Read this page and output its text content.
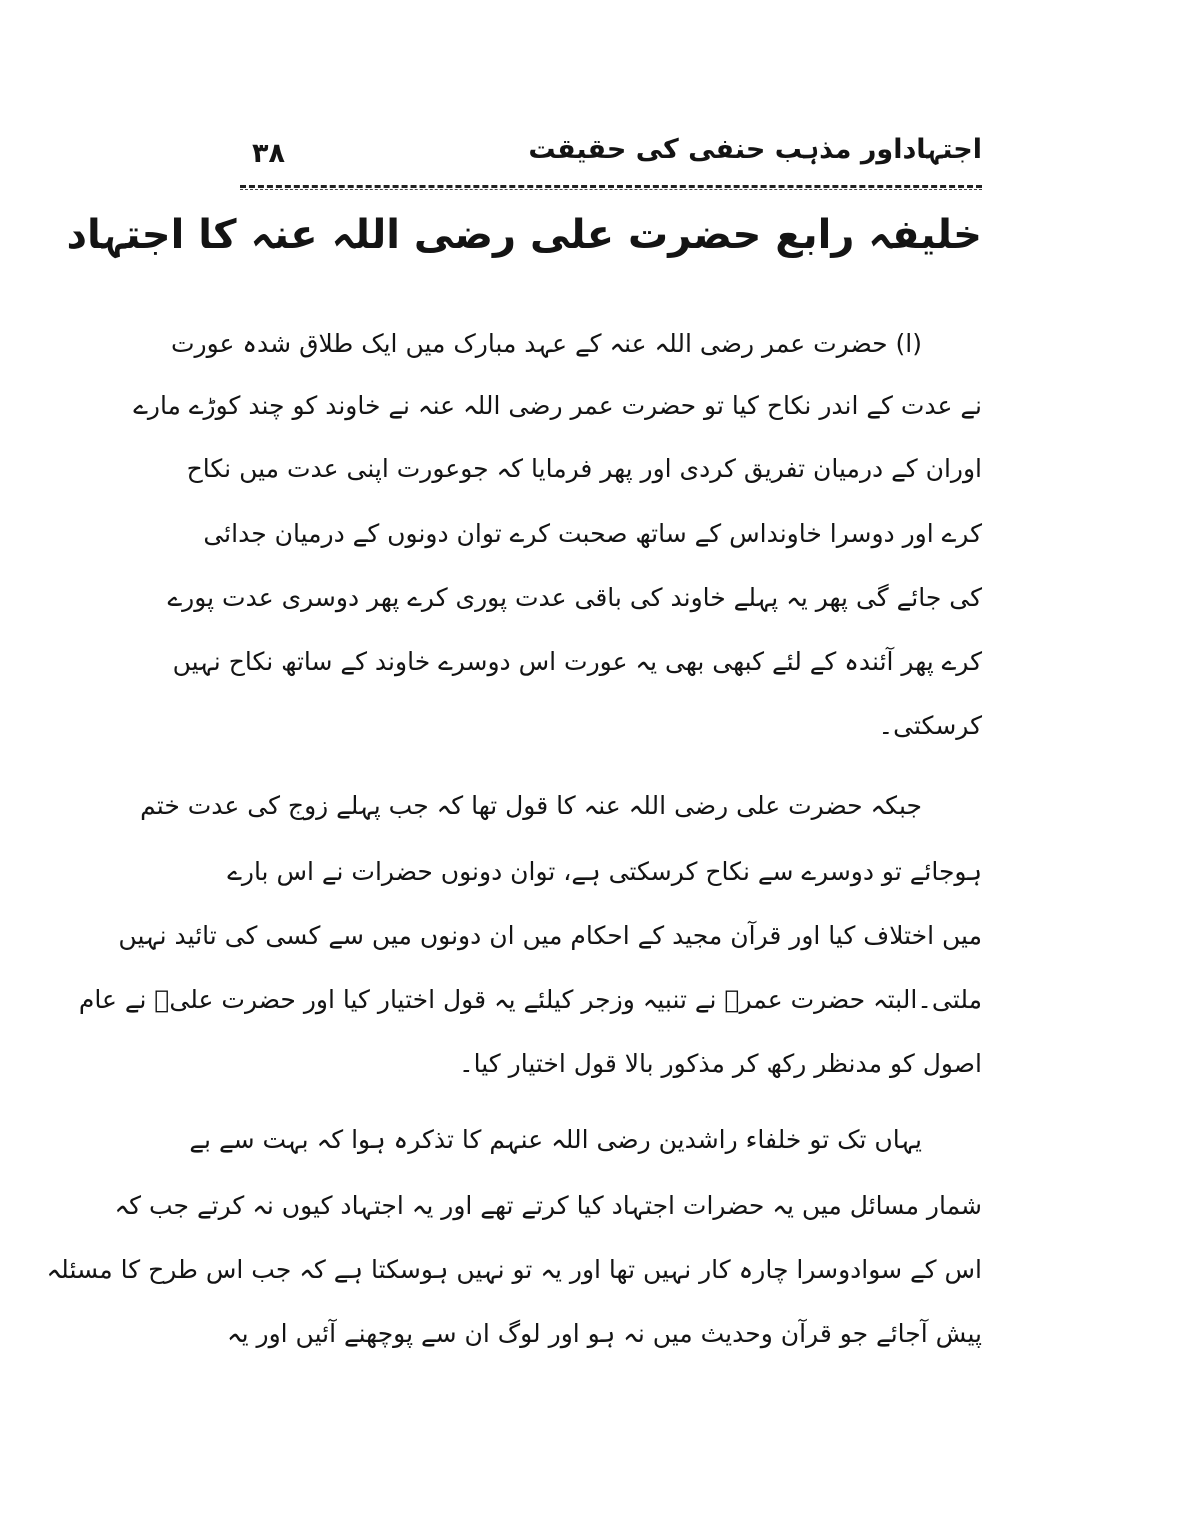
۳۸	اجتہاداور مذہب حنفی کی حقیقت
خلیفہ رابع حضرت علی رضی اللہ عنہ کا اجتہاد
(ا) حضرت عمر رضی اللہ عنہ کے عہد مبارک میں ایک طلاق شدہ عورت
نے عدت کے اندر نکاح کیا تو حضرت عمر رضی اللہ عنہ نے خاوند کو چند کوڑے مارے
اوران کے درمیان تفریق کردی اور پھر فرمایا کہ جوعورت اپنی عدت میں نکاح
کرے اور دوسرا خاونداس کے ساتھ صحبت کرے توان دونوں کے درمیان جدائی
کی جائے گی پھر یہ پہلے خاوند کی باقی عدت پوری کرے پھر دوسری عدت پورے
کرے پھر آئندہ کے لئے کبھی بھی یہ عورت اس دوسرے خاوند کے ساتھ نکاح نہیں
کرسکتی۔
جبکہ حضرت علی رضی اللہ عنہ کا قول تھا کہ جب پہلے زوج کی عدت ختم
ہوجائے تو دوسرے سے نکاح کرسکتی ہے، توان دونوں حضرات نے اس بارے
میں اختلاف کیا اور قرآن مجید کے احکام میں ان دونوں میں سے کسی کی تائید نہیں
ملتی۔البتہ حضرت عمرؓ نے تنبیہ وزجر کیلئے یہ قول اختیار کیا اور حضرت علیؓ نے عام
اصول کو مدنظر رکھ کر مذکور بالا قول اختیار کیا۔
یہاں تک تو خلفاء راشدین رضی اللہ عنہم کا تذکرہ ہوا کہ بہت سے بے
شمار مسائل میں یہ حضرات اجتہاد کیا کرتے تھے اور یہ اجتہاد کیوں نہ کرتے جب کہ
اس کے سوادوسرا چارہ کار نہیں تھا اور یہ تو نہیں ہوسکتا ہے کہ جب اس طرح کا مسئلہ
پیش آجائے جو قرآن وحدیث میں نہ ہو اور لوگ ان سے پوچھنے آئیں اور یہ
